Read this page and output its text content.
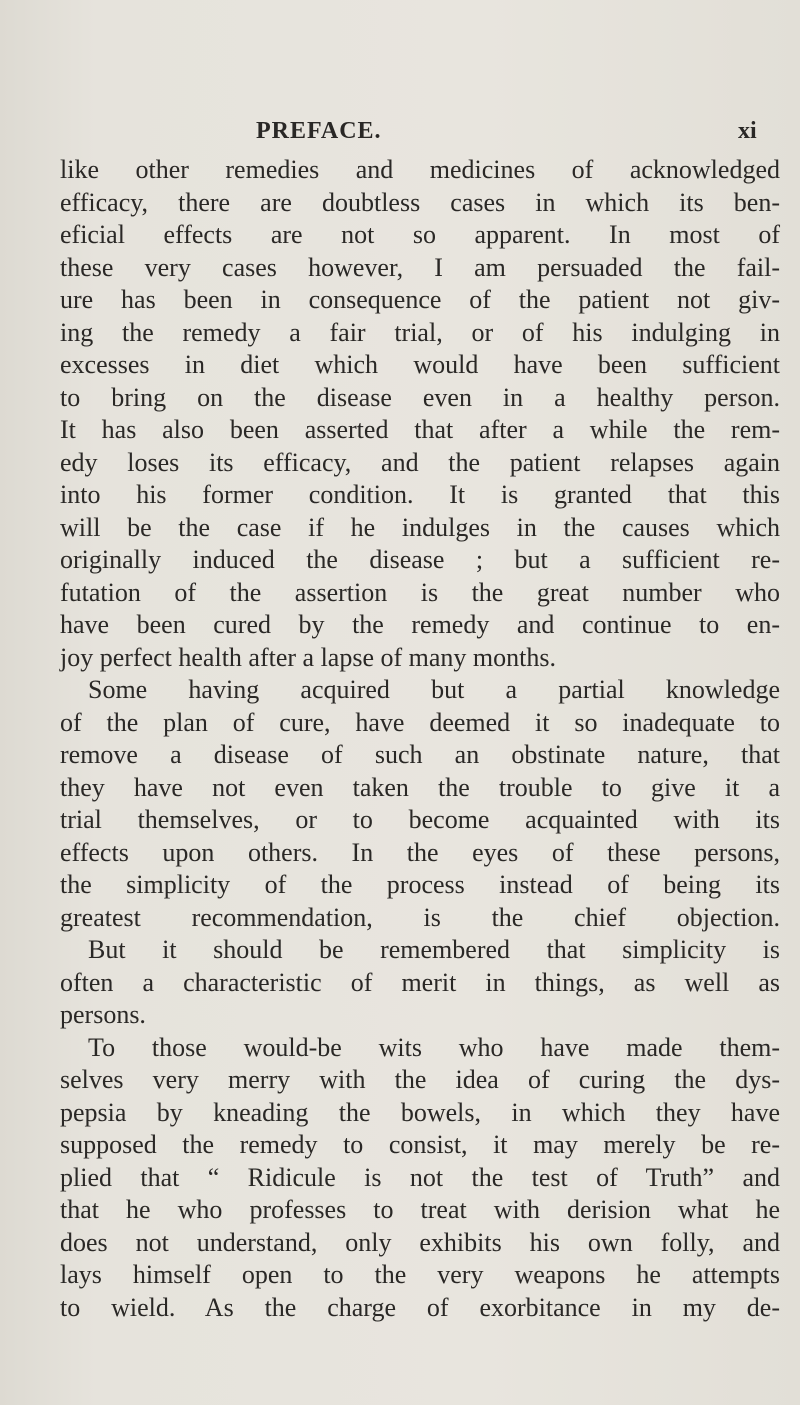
PREFACE.	xi
like other remedies and medicines of acknowledged
efficacy, there are doubtless cases in which its ben-
eficial effects are not so apparent. In most of
these very cases however, I am persuaded the fail-
ure has been in consequence of the patient not giv-
ing the remedy a fair trial, or of his indulging in
excesses in diet which would have been sufficient
to bring on the disease even in a healthy person.
It has also been asserted that after a while the rem-
edy loses its efficacy, and the patient relapses again
into his former condition. It is granted that this
will be the case if he indulges in the causes which
originally induced the disease ; but a sufficient re-
futation of the assertion is the great number who
have been cured by the remedy and continue to en-
joy perfect health after a lapse of many months.
Some having acquired but a partial knowledge
of the plan of cure, have deemed it so inadequate to
remove a disease of such an obstinate nature, that
they have not even taken the trouble to give it a
trial themselves, or to become acquainted with its
effects upon others. In the eyes of these persons,
the simplicity of the process instead of being its
greatest recommendation, is the chief objection.
But it should be remembered that simplicity is
often a characteristic of merit in things, as well as
persons.
To those would-be wits who have made them-
selves very merry with the idea of curing the dys-
pepsia by kneading the bowels, in which they have
supposed the remedy to consist, it may merely be re-
plied that “ Ridicule is not the test of Truth” and
that he who professes to treat with derision what he
does not understand, only exhibits his own folly, and
lays himself open to the very weapons he attempts
to wield. As the charge of exorbitance in my de-
